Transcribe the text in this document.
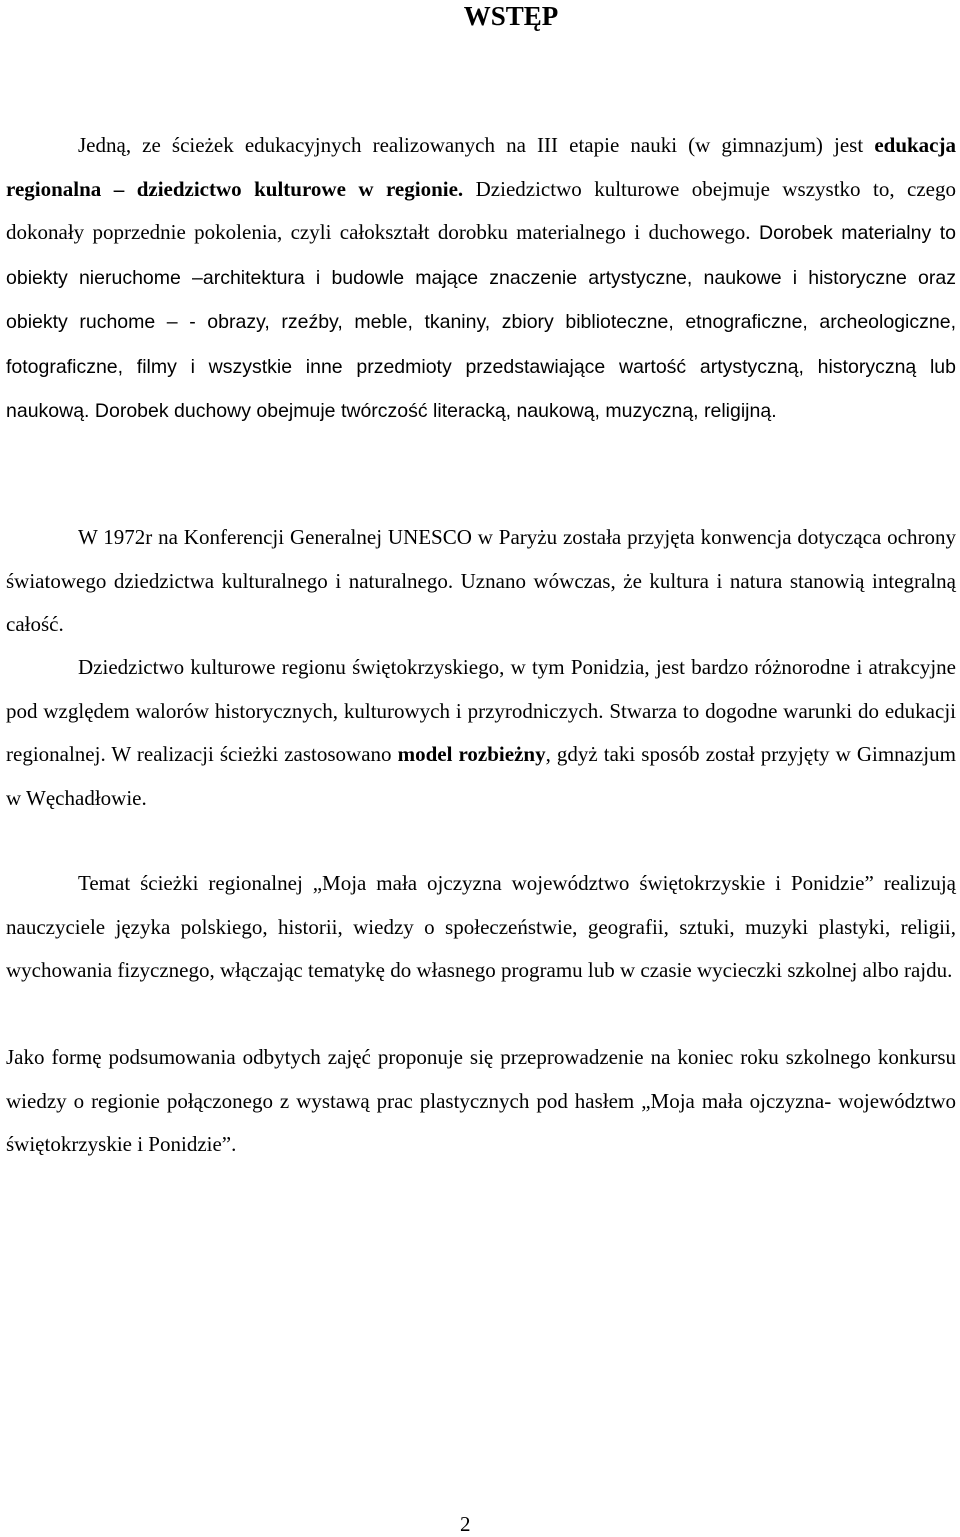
WSTĘP

Jedną, ze ścieżek edukacyjnych realizowanych na III etapie nauki (w gimnazjum) jest edukacja regionalna – dziedzictwo kulturowe w regionie. Dziedzictwo kulturowe obejmuje wszystko to, czego dokonały poprzednie pokolenia, czyli całokształt dorobku materialnego i duchowego. Dorobek materialny to obiekty nieruchome –architektura i budowle mające znaczenie artystyczne, naukowe i historyczne oraz obiekty ruchome – - obrazy, rzeźby, meble, tkaniny, zbiory biblioteczne, etnograficzne, archeologiczne, fotograficzne, filmy i wszystkie inne przedmioty przedstawiające wartość artystyczną, historyczną lub naukową. Dorobek duchowy obejmuje twórczość literacką, naukową, muzyczną, religijną.

W 1972r na Konferencji Generalnej UNESCO w Paryżu została przyjęta konwencja dotycząca ochrony światowego dziedzictwa kulturalnego i naturalnego. Uznano wówczas, że kultura i natura stanowią integralną całość.

Dziedzictwo kulturowe regionu świętokrzyskiego, w tym Ponidzia, jest bardzo różnorodne i atrakcyjne pod względem walorów historycznych, kulturowych i przyrodniczych. Stwarza to dogodne warunki do edukacji regionalnej. W realizacji ścieżki zastosowano model rozbieżny, gdyż taki sposób został przyjęty w Gimnazjum w Węchadłowie.

Temat ścieżki regionalnej „Moja mała ojczyzna województwo świętokrzyskie i Ponidzie” realizują nauczyciele języka polskiego, historii, wiedzy o społeczeństwie, geografii, sztuki, muzyki plastyki, religii, wychowania fizycznego, włączając tematykę do własnego programu lub w czasie wycieczki szkolnej albo rajdu.

Jako formę podsumowania odbytych zajęć proponuje się przeprowadzenie na koniec roku szkolnego konkursu wiedzy o regionie połączonego z wystawą prac plastycznych pod hasłem „Moja mała ojczyzna- województwo świętokrzyskie i Ponidzie”.

2
